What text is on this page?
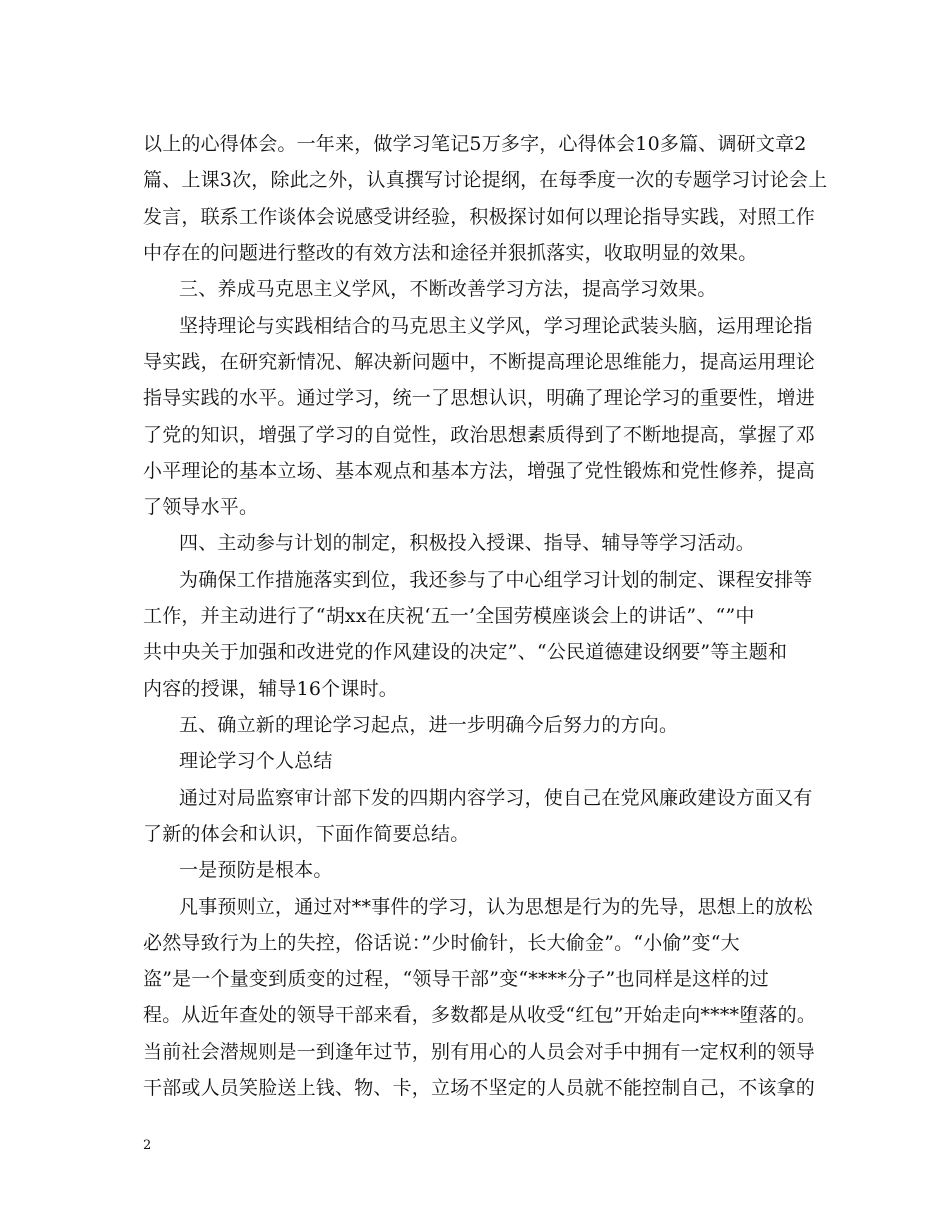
以上的心得体会。一年来，做学习笔记5万多字，心得体会10多篇、调研文章2
篇、上课3次，除此之外，认真撰写讨论提纲，在每季度一次的专题学习讨论会上
发言，联系工作谈体会说感受讲经验，积极探讨如何以理论指导实践，对照工作
中存在的问题进行整改的有效方法和途径并狠抓落实，收取明显的效果。
三、养成马克思主义学风，不断改善学习方法，提高学习效果。
坚持理论与实践相结合的马克思主义学风，学习理论武装头脑，运用理论指
导实践，在研究新情况、解决新问题中，不断提高理论思维能力，提高运用理论
指导实践的水平。通过学习，统一了思想认识，明确了理论学习的重要性，增进
了党的知识，增强了学习的自觉性，政治思想素质得到了不断地提高，掌握了邓
小平理论的基本立场、基本观点和基本方法，增强了党性锻炼和党性修养，提高
了领导水平。
四、主动参与计划的制定，积极投入授课、指导、辅导等学习活动。
为确保工作措施落实到位，我还参与了中心组学习计划的制定、课程安排等
工作，并主动进行了“胡xx在庆祝‘五一’全国劳模座谈会上的讲话”、“”中
共中央关于加强和改进党的作风建设的决定”、“公民道德建设纲要”等主题和
内容的授课，辅导16个课时。
五、确立新的理论学习起点，进一步明确今后努力的方向。
理论学习个人总结
通过对局监察审计部下发的四期内容学习，使自己在党风廉政建设方面又有
了新的体会和认识，下面作简要总结。
一是预防是根本。
凡事预则立，通过对**事件的学习，认为思想是行为的先导，思想上的放松
必然导致行为上的失控，俗话说：”少时偷针，长大偷金”。“小偷”变“大
盗”是一个量变到质变的过程，“领导干部”变“****分子”也同样是这样的过
程。从近年查处的领导干部来看，多数都是从收受“红包”开始走向****堕落的。
当前社会潜规则是一到逢年过节，别有用心的人员会对手中拥有一定权利的领导
干部或人员笑脸送上钱、物、卡，立场不坚定的人员就不能控制自己，不该拿的
2
